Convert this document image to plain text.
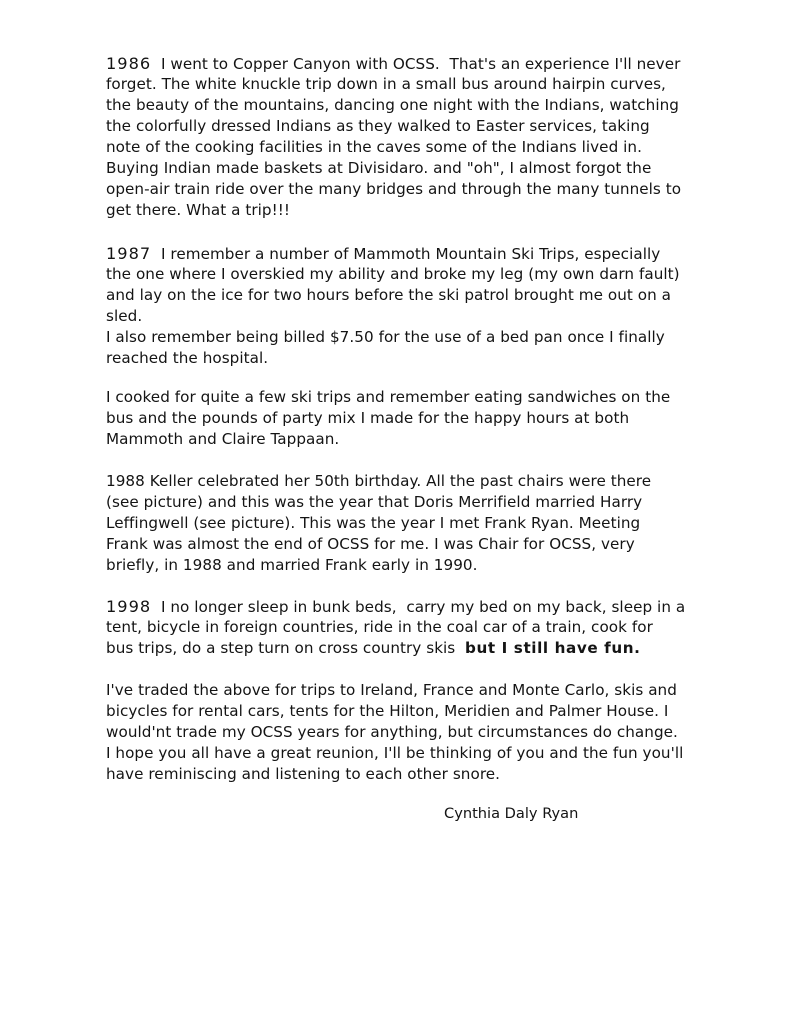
1986  I went to Copper Canyon with OCSS.  That's an experience I'll never
forget. The white knuckle trip down in a small bus around hairpin curves,
the beauty of the mountains, dancing one night with the Indians, watching
the colorfully dressed Indians as they walked to Easter services, taking
note of the cooking facilities in the caves some of the Indians lived in.
Buying Indian made baskets at Divisidaro. and "oh", I almost forgot the
open-air train ride over the many bridges and through the many tunnels to
get there. What a trip!!!

1987  I remember a number of Mammoth Mountain Ski Trips, especially
the one where I overskied my ability and broke my leg (my own darn fault)
and lay on the ice for two hours before the ski patrol brought me out on a
sled.
I also remember being billed $7.50 for the use of a bed pan once I finally
reached the hospital.

I cooked for quite a few ski trips and remember eating sandwiches on the
bus and the pounds of party mix I made for the happy hours at both
Mammoth and Claire Tappaan.

1988 Keller celebrated her 50th birthday. All the past chairs were there
(see picture) and this was the year that Doris Merrifield married Harry
Leffingwell (see picture). This was the year I met Frank Ryan. Meeting
Frank was almost the end of OCSS for me. I was Chair for OCSS, very
briefly, in 1988 and married Frank early in 1990.

1998  I no longer sleep in bunk beds,  carry my bed on my back, sleep in a
tent, bicycle in foreign countries, ride in the coal car of a train, cook for
bus trips, do a step turn on cross country skis  but I still have fun.

I've traded the above for trips to Ireland, France and Monte Carlo, skis and
bicycles for rental cars, tents for the Hilton, Meridien and Palmer House. I
would'nt trade my OCSS years for anything, but circumstances do change.
I hope you all have a great reunion, I'll be thinking of you and the fun you'll
have reminiscing and listening to each other snore.

Cynthia Daly Ryan
